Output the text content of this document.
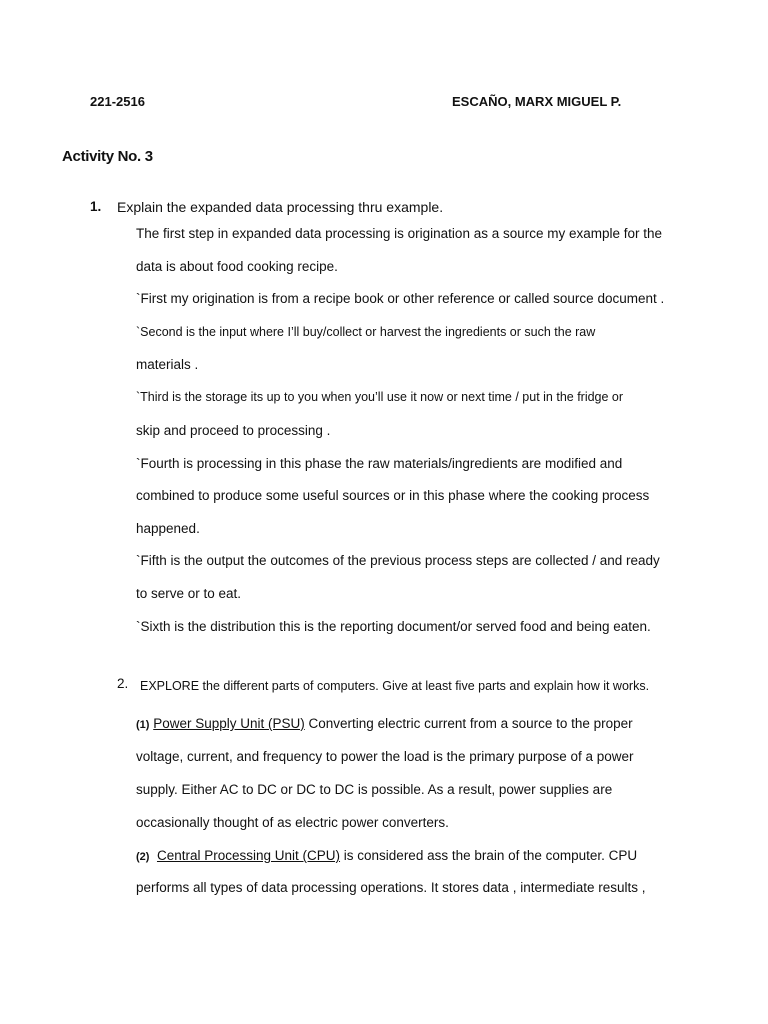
221-2516	ESCAÑO, MARX MIGUEL P.
Activity No. 3
1. Explain the expanded data processing thru example.
The first step in expanded data processing is origination as a source my example for the
data is about food cooking recipe.
`First my origination is from a recipe book or other reference or called source document .
`Second is the input where I’ll buy/collect or harvest the ingredients or such the raw
materials .
`Third is the storage its up to you when you’ll use it now or next time / put in the fridge or
skip and proceed to processing .
`Fourth is processing in this phase the raw materials/ingredients are modified and
combined to produce some useful sources or in this phase where the cooking process
happened.
`Fifth is the output the outcomes of the previous process steps are collected / and ready
to serve or to eat.
`Sixth is the distribution this is the reporting document/or served food and being eaten.
2. EXPLORE the different parts of computers. Give at least five parts and explain how it works.
(1) Power Supply Unit (PSU) Converting electric current from a source to the proper
voltage, current, and frequency to power the load is the primary purpose of a power
supply. Either AC to DC or DC to DC is possible. As a result, power supplies are
occasionally thought of as electric power converters.
(2) Central Processing Unit (CPU) is considered ass the brain of the computer. CPU
performs all types of data processing operations. It stores data , intermediate results ,
